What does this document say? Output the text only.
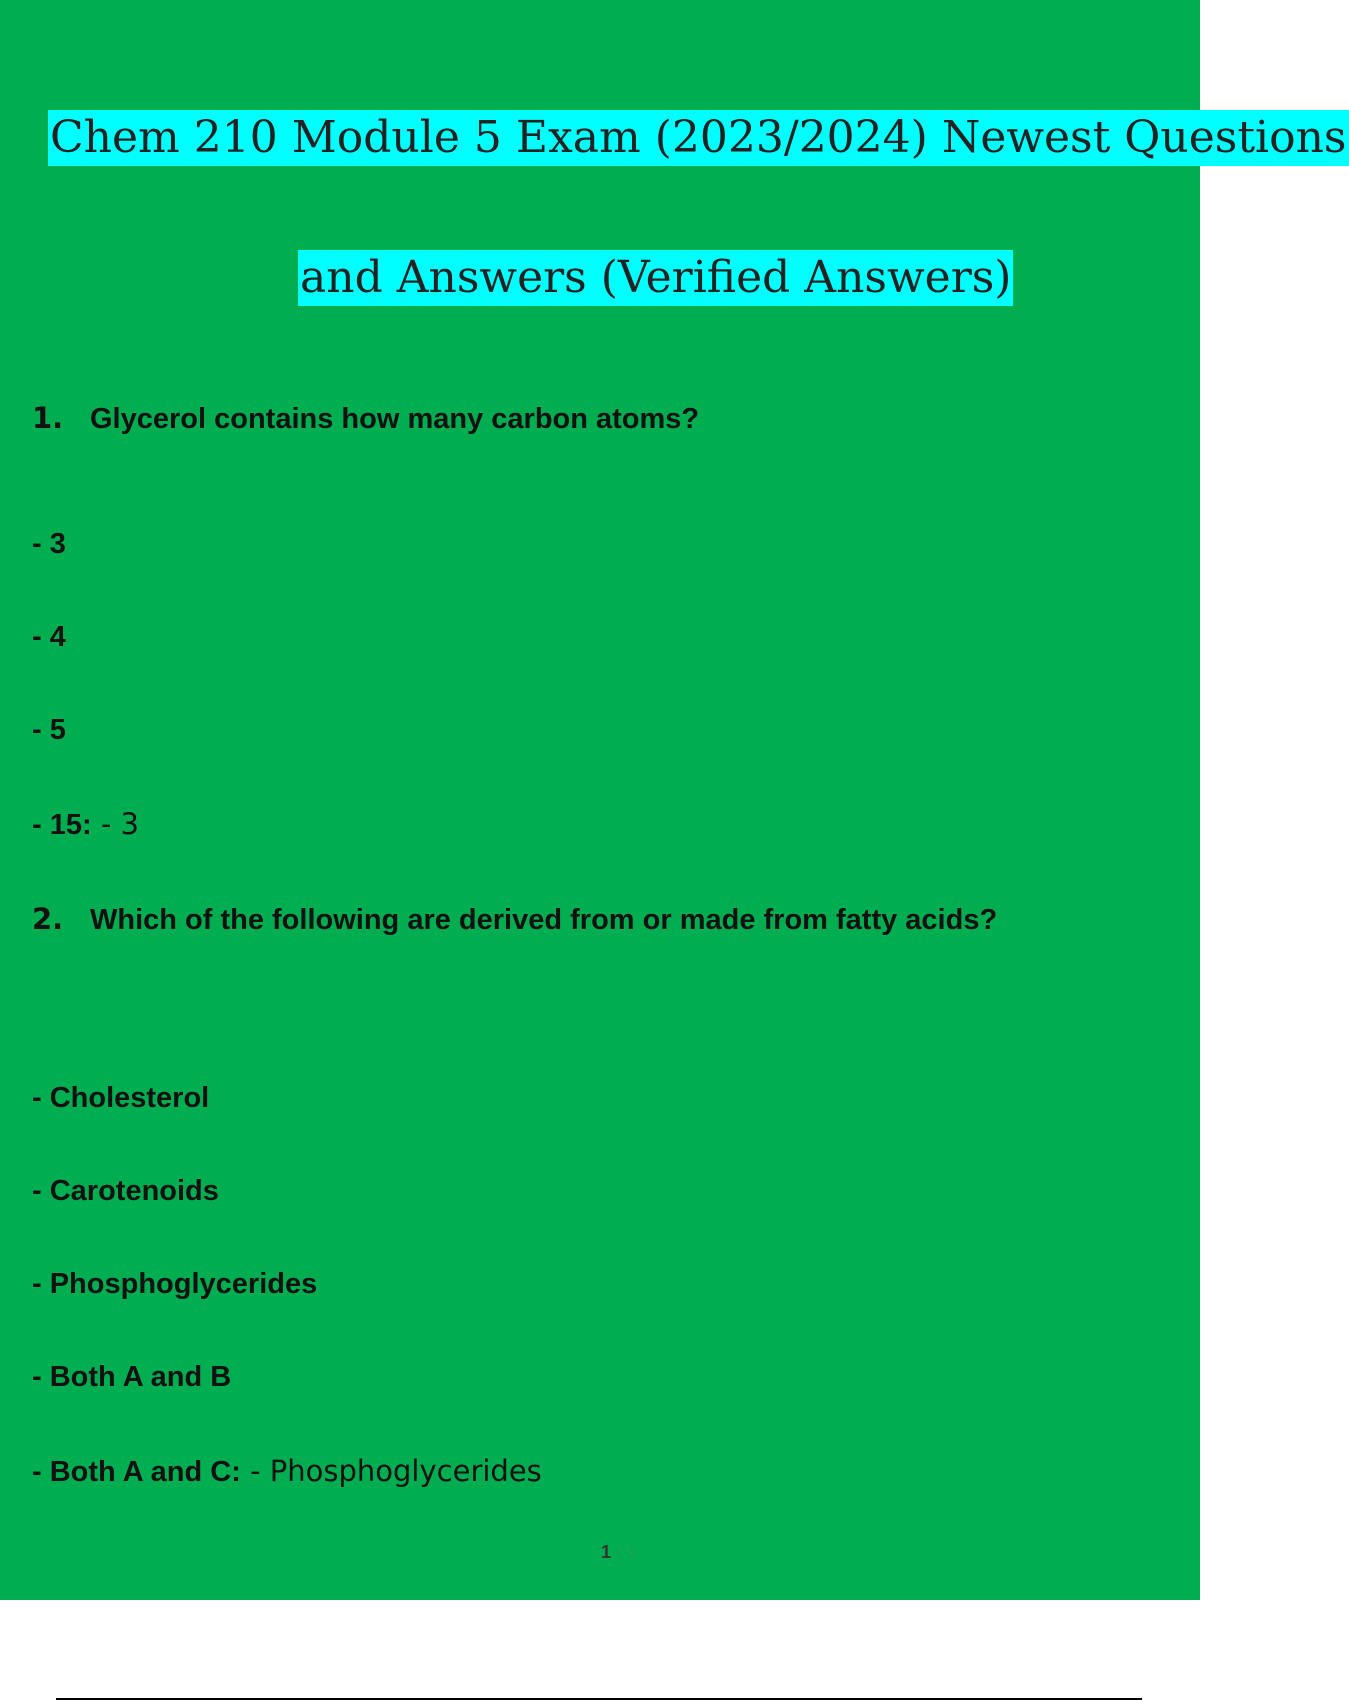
Chem 210 Module 5 Exam (2023/2024) Newest Questions
and Answers (Verified Answers)
1. Glycerol contains how many carbon atoms?
- 3
- 4
- 5
- 15: - 3
2. Which of the following are derived from or made from fatty acids?
- Cholesterol
- Carotenoids
- Phosphoglycerides
- Both A and B
- Both A and C: - Phosphoglycerides
1 / 5
